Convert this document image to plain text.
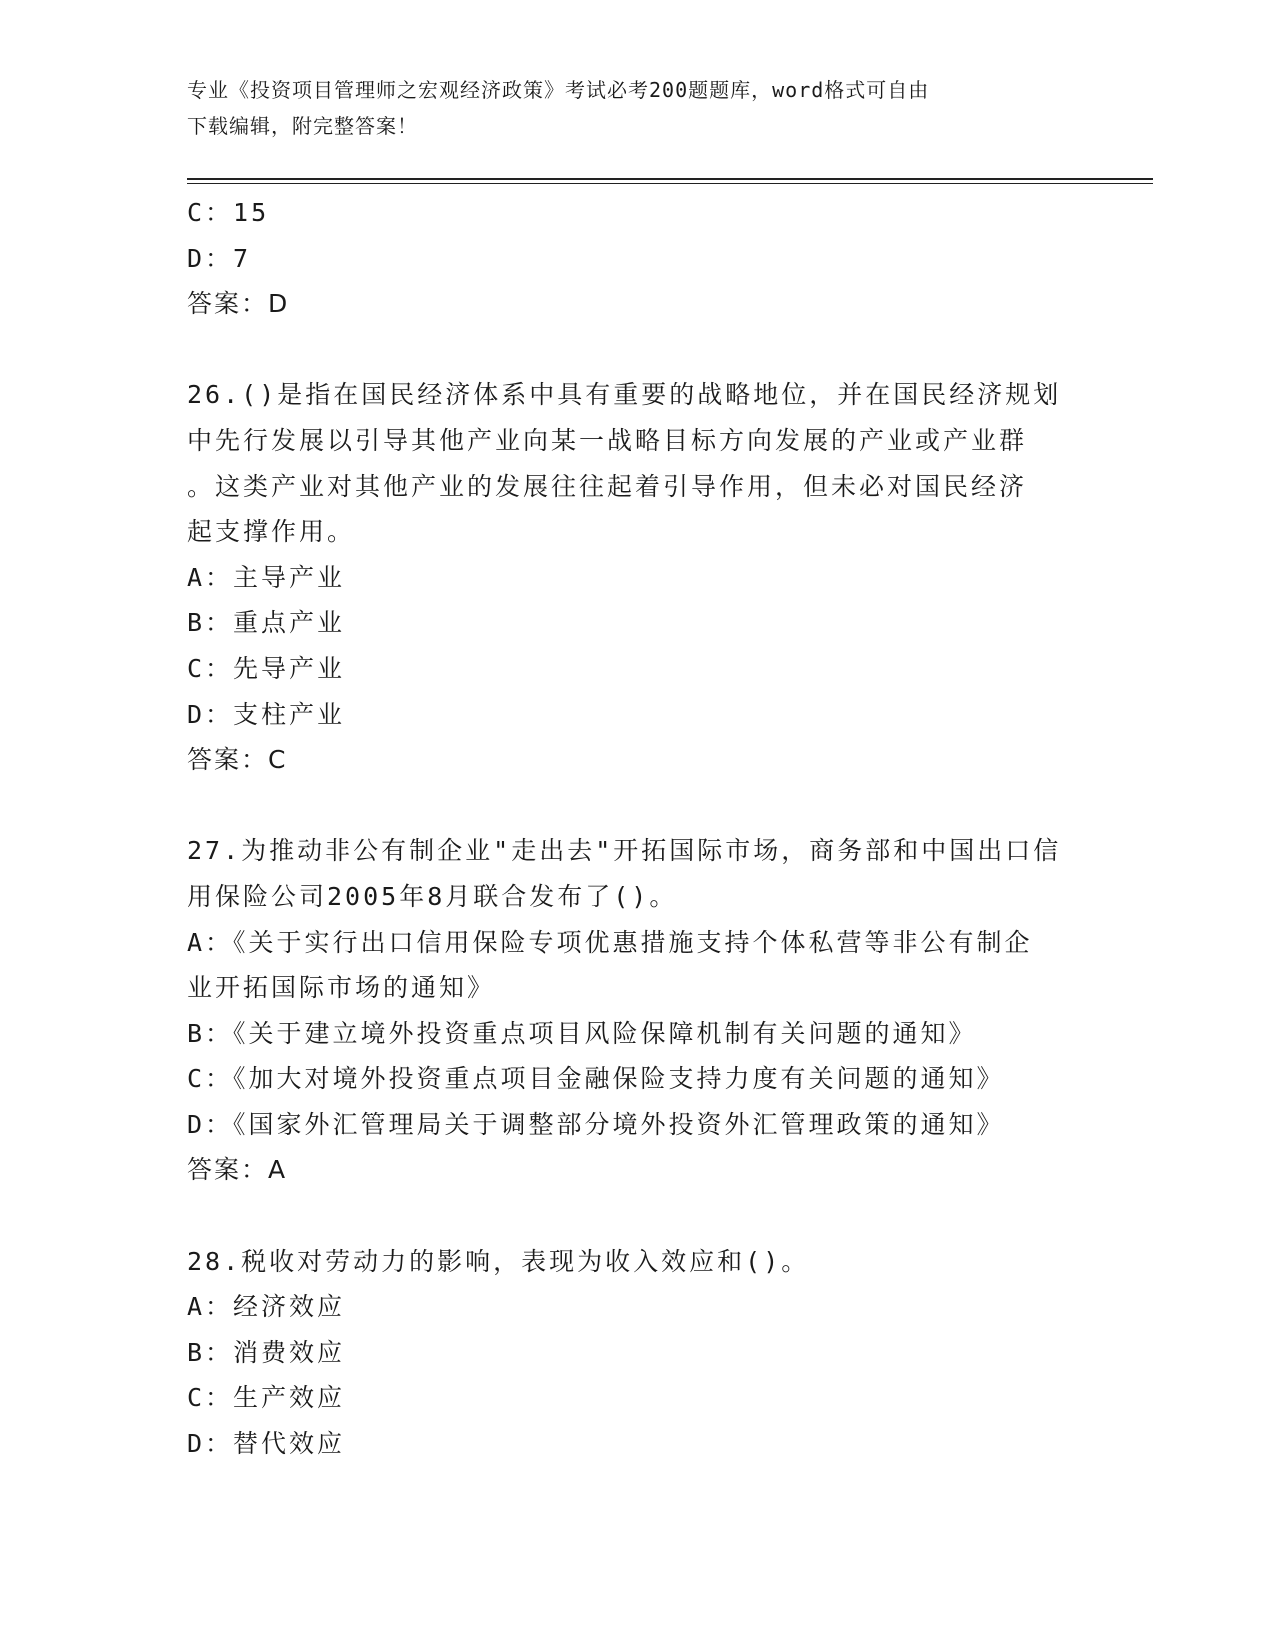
专业《投资项目管理师之宏观经济政策》考试必考200题题库，word格式可自由
下载编辑，附完整答案！
C：15
D：7
答案：D
26.()是指在国民经济体系中具有重要的战略地位，并在国民经济规划
中先行发展以引导其他产业向某一战略目标方向发展的产业或产业群
。这类产业对其他产业的发展往往起着引导作用，但未必对国民经济
起支撑作用。
A：主导产业
B：重点产业
C：先导产业
D：支柱产业
答案：C
27.为推动非公有制企业"走出去"开拓国际市场，商务部和中国出口信
用保险公司2005年8月联合发布了()。
A：《关于实行出口信用保险专项优惠措施支持个体私营等非公有制企
业开拓国际市场的通知》
B：《关于建立境外投资重点项目风险保障机制有关问题的通知》
C：《加大对境外投资重点项目金融保险支持力度有关问题的通知》
D：《国家外汇管理局关于调整部分境外投资外汇管理政策的通知》
答案：A
28.税收对劳动力的影响，表现为收入效应和()。
A：经济效应
B：消费效应
C：生产效应
D：替代效应
